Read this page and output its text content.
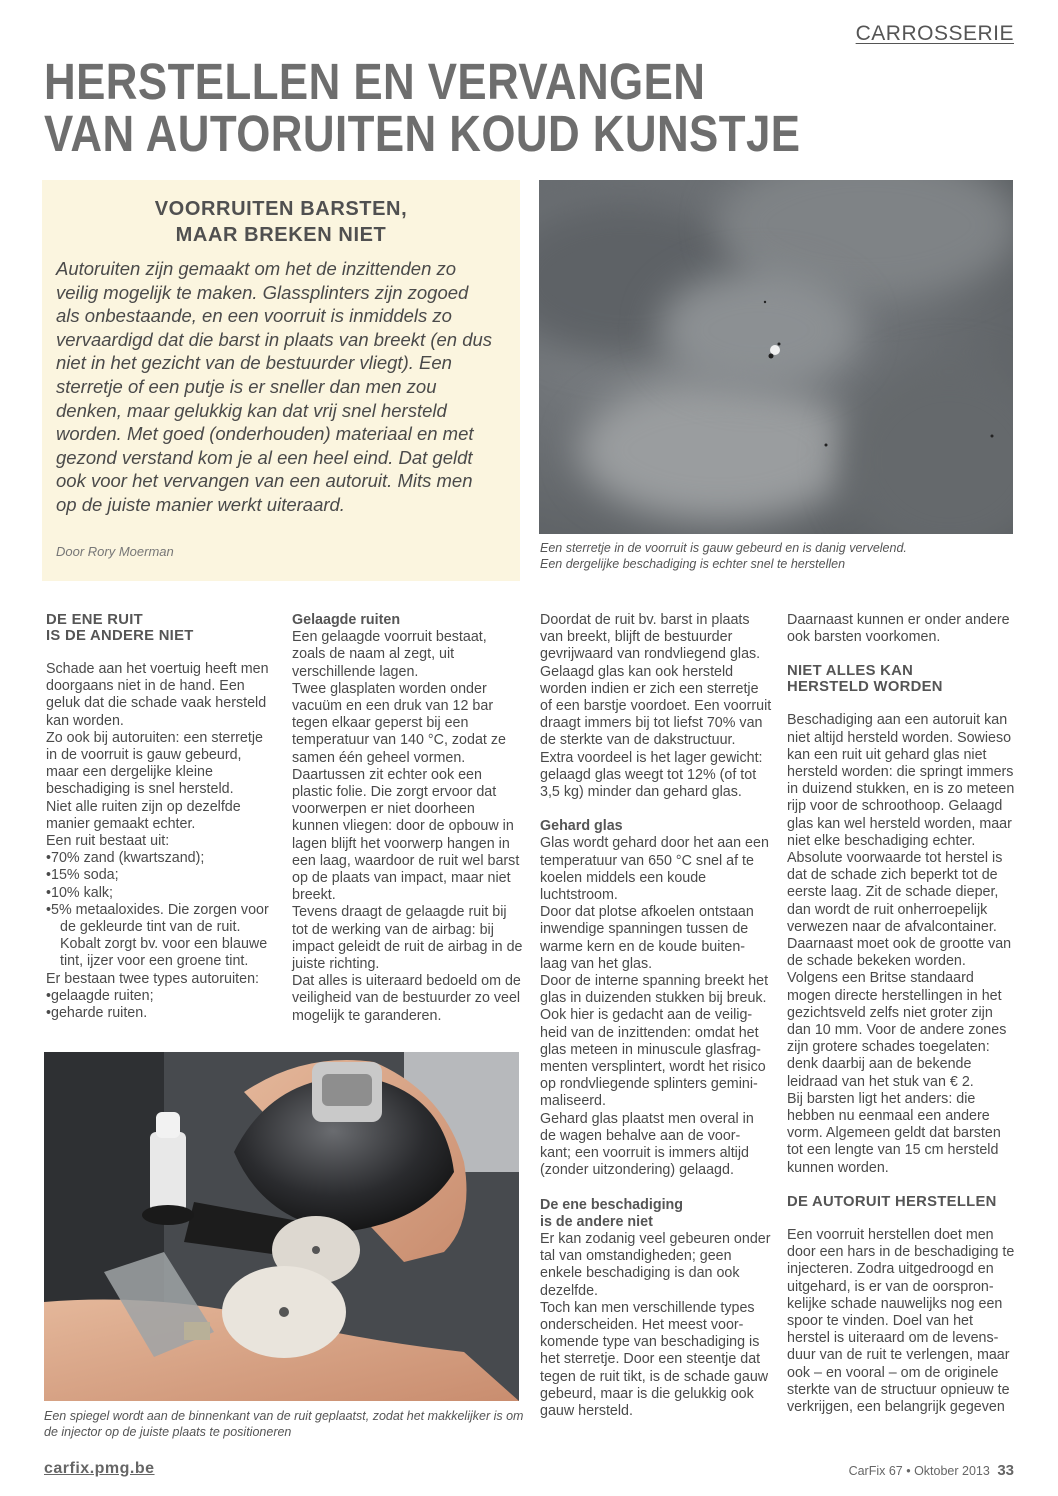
CARROSSERIE
HERSTELLEN EN VERVANGEN
VAN AUTORUITEN KOUD KUNSTJE
VOORRUITEN BARSTEN,
MAAR BREKEN NIET
Autoruiten zijn gemaakt om het de inzittenden zo veilig mogelijk te maken. Glassplinters zijn zogoed als onbestaande, en een voorruit is inmiddels zo vervaardigd dat die barst in plaats van breekt (en dus niet in het gezicht van de bestuurder vliegt). Een sterretje of een putje is er sneller dan men zou denken, maar gelukkig kan dat vrij snel hersteld worden. Met goed (onderhouden) materiaal en met gezond verstand kom je al een heel eind. Dat geldt ook voor het vervangen van een autoruit. Mits men op de juiste manier werkt uiteraard.
Door Rory Moerman	Een sterretje in de voorruit is gauw gebeurd en is danig vervelend.
Een dergelijke beschadiging is echter snel te herstellen

DE ENE RUIT

IS DE ANDERE NIET

Schade aan het voertuig heeft men doorgaans niet in de hand. Een geluk dat die schade vaak hersteld kan worden.

Zo ook bij autoruiten: een sterretje in de voorruit is gauw gebeurd, maar een dergelijke kleine beschadiging is snel hersteld.

Niet alle ruiten zijn op dezelfde manier gemaakt echter.

Een ruit bestaat uit:

•70% zand (kwartszand);

•15% soda;

•10% kalk;

•5% metaaloxides. Die zorgen voor de gekleurde tint van de ruit. Kobalt zorgt bv. voor een blauwe tint, ijzer voor een groene tint.

Er bestaan twee types autoruiten:

•gelaagde ruiten;

•geharde ruiten.

Gelaagde ruiten

Een gelaagde voorruit bestaat, zoals de naam al zegt, uit verschillende lagen.

Twee glasplaten worden onder vacuüm en een druk van 12 bar tegen elkaar geperst bij een temperatuur van 140 °C, zodat ze samen één geheel vormen.

Daartussen zit echter ook een plastic folie. Die zorgt ervoor dat voorwerpen er niet doorheen kunnen vliegen: door de opbouw in lagen blijft het voorwerp hangen in een laag, waardoor de ruit wel barst op de plaats van impact, maar niet breekt.

Tevens draagt de gelaagde ruit bij tot de werking van de airbag: bij impact geleidt de ruit de airbag in de juiste richting.

Dat alles is uiteraard bedoeld om de veiligheid van de bestuurder zo veel mogelijk te garanderen.

Doordat de ruit bv. barst in plaats van breekt, blijft de bestuurder gevrijwaard van rondvliegend glas.

Gelaagd glas kan ook hersteld worden indien er zich een sterretje of een barstje voordoet. Een voorruit draagt immers bij tot liefst 70% van de sterkte van de dakstructuur.

Extra voordeel is het lager gewicht: gelaagd glas weegt tot 12% (of tot 3,5 kg) minder dan gehard glas.

Gehard glas

Glas wordt gehard door het aan een temperatuur van 650 °C snel af te koelen middels een koude luchtstroom.

Door dat plotse afkoelen ontstaan inwendige spanningen tussen de warme kern en de koude buiten- laag van het glas.

Door de interne spanning breekt het glas in duizenden stukken bij breuk.

Ook hier is gedacht aan de veilig- heid van de inzittenden: omdat het glas meteen in minuscule glasfrag- menten versplintert, wordt het risico op rondvliegende splinters gemini- maliseerd.

Gehard glas plaatst men overal in de wagen behalve aan de voor- kant; een voorruit is immers altijd (zonder uitzondering) gelaagd.

De ene beschadiging

is de andere niet

Er kan zodanig veel gebeuren onder tal van omstandigheden; geen enkele beschadiging is dan ook dezelfde.

Toch kan men verschillende types onderscheiden. Het meest voor- komende type van beschadiging is het sterretje. Door een steentje dat tegen de ruit tikt, is de schade gauw gebeurd, maar is die gelukkig ook gauw hersteld.

Daarnaast kunnen er onder andere ook barsten voorkomen.

NIET ALLES KAN

HERSTELD WORDEN

Beschadiging aan een autoruit kan niet altijd hersteld worden. Sowieso kan een ruit uit gehard glas niet hersteld worden: die springt immers in duizend stukken, en is zo meteen rijp voor de schroothoop. Gelaagd glas kan wel hersteld worden, maar niet elke beschadiging echter.

Absolute voorwaarde tot herstel is dat de schade zich beperkt tot de eerste laag. Zit de schade dieper, dan wordt de ruit onherroepelijk verwezen naar de afvalcontainer.

Daarnaast moet ook de grootte van de schade bekeken worden. Volgens een Britse standaard mogen directe herstellingen in het gezichtsveld zelfs niet groter zijn dan 10 mm. Voor de andere zones zijn grotere schades toegelaten: denk daarbij aan de bekende leidraad van het stuk van € 2.

Bij barsten ligt het anders: die hebben nu eenmaal een andere vorm. Algemeen geldt dat barsten tot een lengte van 15 cm hersteld kunnen worden.

DE AUTORUIT HERSTELLEN

Een voorruit herstellen doet men door een hars in de beschadiging te injecteren. Zodra uitgedroogd en uitgehard, is er van de oorspron- kelijke schade nauwelijks nog een spoor te vinden. Doel van het herstel is uiteraard om de levens- duur van de ruit te verlengen, maar ook – en vooral – om de originele sterkte van de structuur opnieuw te verkrijgen, een belangrijk gegeven

Een spiegel wordt aan de binnenkant van de ruit geplaatst, zodat het makkelijker is om
de injector op de juiste plaats te positioneren
carfix.pmg.be	CarFix 67 • Oktober 2013 33
